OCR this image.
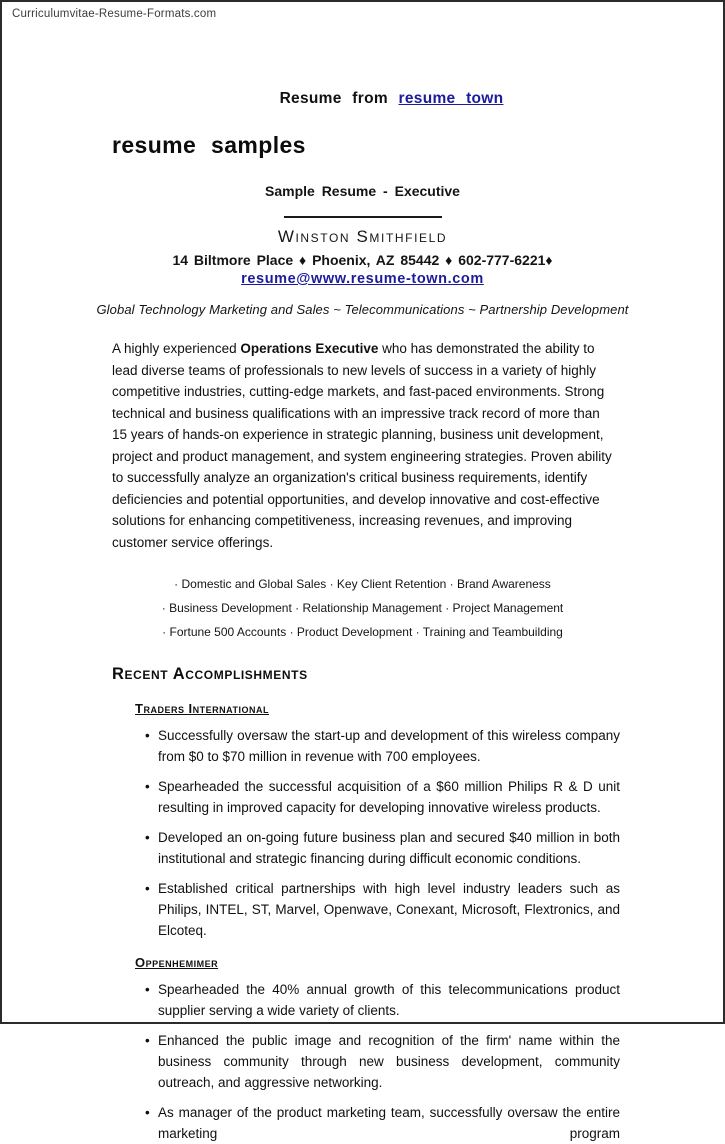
Curriculumvitae-Resume-Formats.com
Resume from resume town
resume samples
Sample Resume - Executive
Winston Smithfield
14 Biltmore Place ♦ Phoenix, AZ 85442 ♦ 602-777-6221♦
resume@www.resume-town.com
Global Technology Marketing and Sales ~ Telecommunications ~ Partnership Development

A highly experienced Operations Executive who has demonstrated the ability to lead diverse teams of professionals to new levels of success in a variety of highly competitive industries, cutting-edge markets, and fast-paced environments. Strong technical and business qualifications with an impressive track record of more than 15 years of hands-on experience in strategic planning, business unit development, project and product management, and system engineering strategies. Proven ability to successfully analyze an organization's critical business requirements, identify deficiencies and potential opportunities, and develop innovative and cost-effective solutions for enhancing competitiveness, increasing revenues, and improving customer service offerings.

· Domestic and Global Sales · Key Client Retention · Brand Awareness
· Business Development · Relationship Management · Project Management
· Fortune 500 Accounts · Product Development · Training and Teambuilding
Recent Accomplishments
Traders International
• Successfully oversaw the start-up and development of this wireless company from $0 to $70 million in revenue with 700 employees.
• Spearheaded the successful acquisition of a $60 million Philips R & D unit resulting in improved capacity for developing innovative wireless products.
• Developed an on-going future business plan and secured $40 million in both institutional and strategic financing during difficult economic conditions.
• Established critical partnerships with high level industry leaders such as Philips, INTEL, ST, Marvel, Openwave, Conexant, Microsoft, Flextronics, and Elcoteq.
Oppenhemimer
• Spearheaded the 40% annual growth of this telecommunications product supplier serving a wide variety of clients.
• Enhanced the public image and recognition of the firm' name within the business community through new business development, community outreach, and aggressive networking.
• As manager of the product marketing team, successfully oversaw the entire marketing program
